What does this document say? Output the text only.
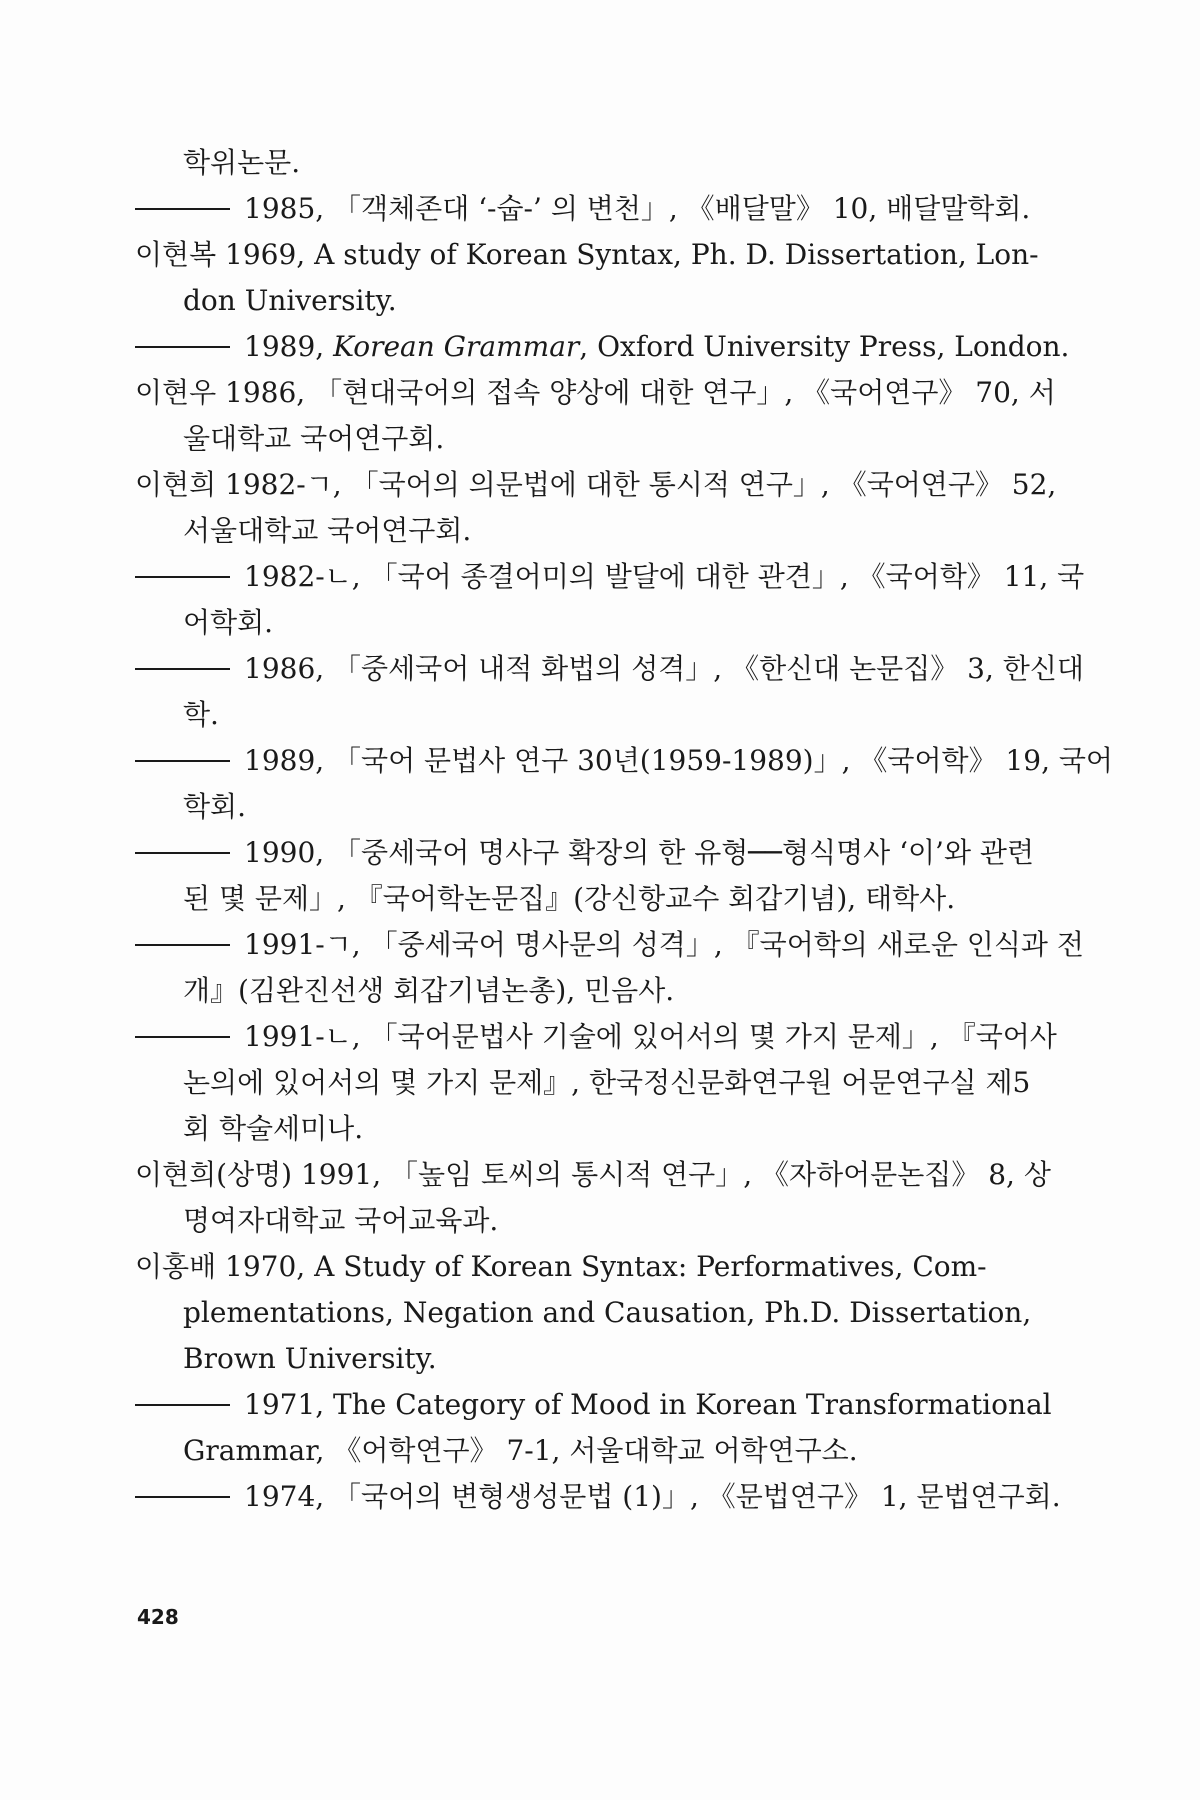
학위논문.
1985, 「객체존대 ‘-숩-’ 의 변천」, 《배달말》 10, 배달말학회.
이현복 1969, A study of Korean Syntax, Ph. D. Dissertation, Lon-
don University.
1989, Korean Grammar, Oxford University Press, London.
이현우 1986, 「현대국어의 접속 양상에 대한 연구」, 《국어연구》 70, 서
울대학교 국어연구회.
이현희 1982-ㄱ, 「국어의 의문법에 대한 통시적 연구」, 《국어연구》 52,
서울대학교 국어연구회.
1982-ㄴ, 「국어 종결어미의 발달에 대한 관견」, 《국어학》 11, 국
어학회.
1986, 「중세국어 내적 화법의 성격」, 《한신대 논문집》 3, 한신대
학.
1989, 「국어 문법사 연구 30년(1959-1989)」, 《국어학》 19, 국어
학회.
1990, 「중세국어 명사구 확장의 한 유형──형식명사 ‘이’와 관련
된 몇 문제」, 『국어학논문집』(강신항교수 회갑기념), 태학사.
1991-ㄱ, 「중세국어 명사문의 성격」, 『국어학의 새로운 인식과 전
개』(김완진선생 회갑기념논총), 민음사.
1991-ㄴ, 「국어문법사 기술에 있어서의 몇 가지 문제」, 『국어사
논의에 있어서의 몇 가지 문제』, 한국정신문화연구원 어문연구실 제5
회 학술세미나.
이현희(상명) 1991, 「높임 토씨의 통시적 연구」, 《자하어문논집》 8, 상
명여자대학교 국어교육과.
이홍배 1970, A Study of Korean Syntax: Performatives, Com-
plementations, Negation and Causation, Ph.D. Dissertation,
Brown University.
1971, The Category of Mood in Korean Transformational
Grammar, 《어학연구》 7-1, 서울대학교 어학연구소.
1974, 「국어의 변형생성문법 (1)」, 《문법연구》 1, 문법연구회.
428
